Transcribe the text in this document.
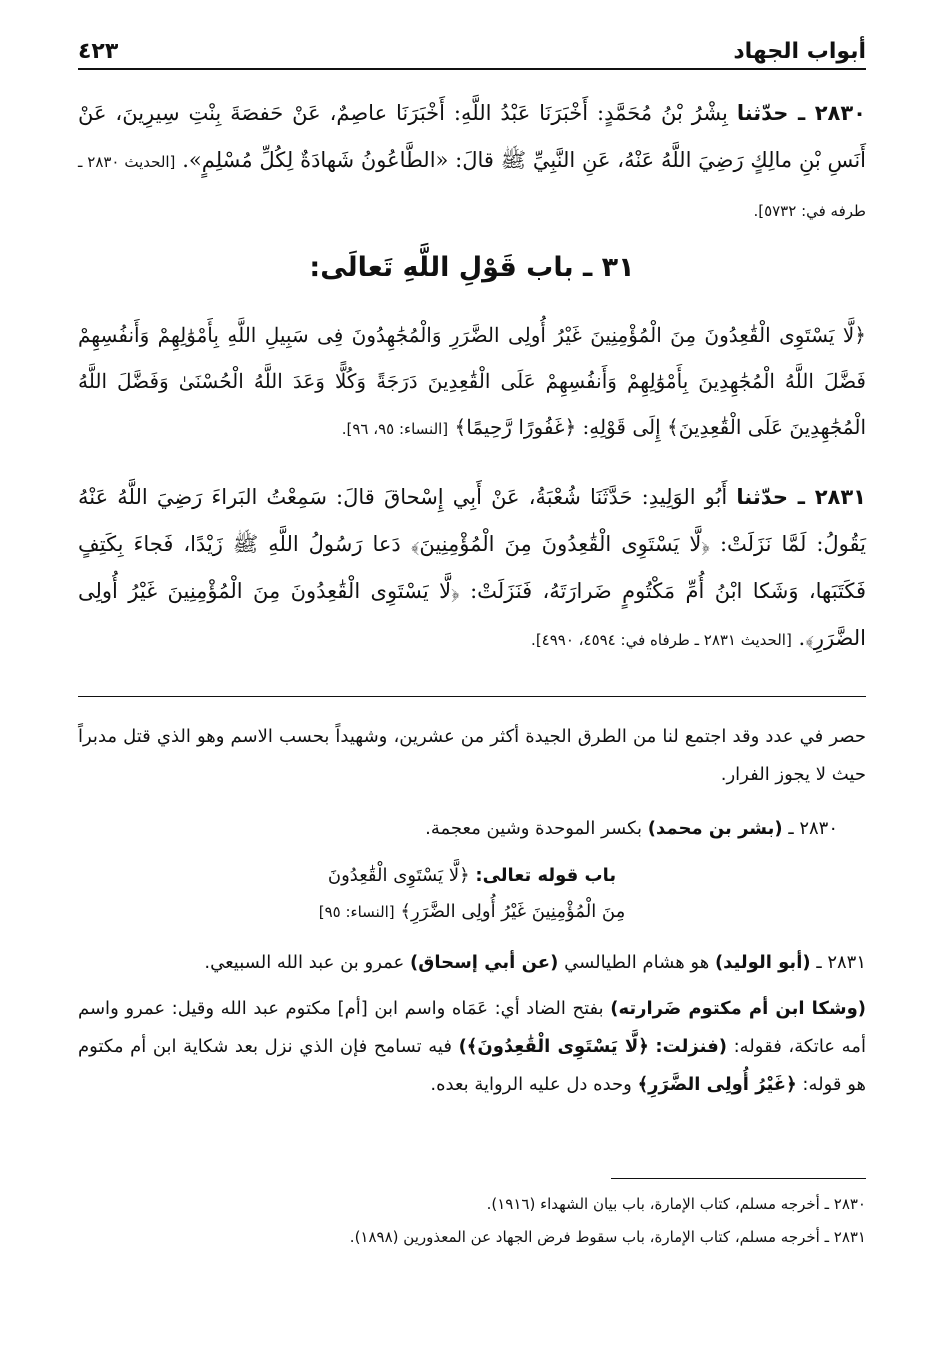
أبواب الجهاد
٤٢٣
٢٨٣٠ ـ حدّثنا بِشْرُ بْنُ مُحَمَّدٍ: أَخْبَرَنَا عَبْدُ اللَّهِ: أَخْبَرَنَا عاصِمٌ، عَنْ حَفصَةَ بِنْتِ سِيرِينَ، عَنْ أَنَسِ بْنِ مالِكٍ رَضِيَ اللَّهُ عَنْهُ، عَنِ النَّبِيِّ ﷺ قالَ: «الطَّاعُونُ شَهادَةٌ لِكُلِّ مُسْلِمٍ». [الحديث ٢٨٣٠ ـ طرفه في: ٥٧٣٢].
٣١ ـ باب قَوْلِ اللَّهِ تَعالَى:
﴿لَّا يَسْتَوِى الْقَٰعِدُونَ مِنَ الْمُؤْمِنِينَ غَيْرُ أُولِى الضَّرَرِ وَالْمُجَٰهِدُونَ فِى سَبِيلِ اللَّهِ بِأَمْوَٰلِهِمْ وَأَنفُسِهِمْ فَضَّلَ اللَّهُ الْمُجَٰهِدِينَ بِأَمْوَٰلِهِمْ وَأَنفُسِهِمْ عَلَى الْقَٰعِدِينَ دَرَجَةً وَكُلًّا وَعَدَ اللَّهُ الْحُسْنَىٰ وَفَضَّلَ اللَّهُ الْمُجَٰهِدِينَ عَلَى الْقَٰعِدِينَ﴾ إِلَى قَوْلِهِ: ﴿غَفُورًا رَّحِيمًا﴾ [النساء: ٩٥، ٩٦].
٢٨٣١ ـ حدّثنا أَبُو الوَلِيدِ: حَدَّثَنَا شُعْبَةُ، عَنْ أَبِي إِسْحاقَ قالَ: سَمِعْتُ البَراءَ رَضِيَ اللَّهُ عَنْهُ يَقُولُ: لَمَّا نَزَلَتْ: ﴿لَّا يَسْتَوِى الْقَٰعِدُونَ مِنَ الْمُؤْمِنِينَ﴾ دَعا رَسُولُ اللَّهِ ﷺ زَيْدًا، فَجاءَ بِكَتِفٍ فَكَتَبَها، وَشَكا ابْنُ أُمِّ مَكْتُومٍ ضَرارَتَهُ، فَنَزَلَتْ: ﴿لَّا يَسْتَوِى الْقَٰعِدُونَ مِنَ الْمُؤْمِنِينَ غَيْرُ أُولِى الضَّرَرِ﴾. [الحديث ٢٨٣١ ـ طرفاه في: ٤٥٩٤، ٤٩٩٠].
حصر في عدد وقد اجتمع لنا من الطرق الجيدة أكثر من عشرين، وشهيداً بحسب الاسم وهو الذي قتل مدبراً حيث لا يجوز الفرار.
٢٨٣٠ ـ (بشر بن محمد) بكسر الموحدة وشين معجمة.
باب قوله تعالى: ﴿لَّا يَسْتَوِى الْقَٰعِدُونَ
مِنَ الْمُؤْمِنِينَ غَيْرُ أُولِى الضَّرَرِ﴾ [النساء: ٩٥]
٢٨٣١ ـ (أبو الوليد) هو هشام الطيالسي (عن أبي إسحاق) عمرو بن عبد الله السبيعي.
(وشكا ابن أم مكتوم ضَرارته) بفتح الضاد أي: عَمَاه واسم ابن [أم] مكتوم عبد الله وقيل: عمرو واسم أمه عاتكة، فقوله: (فنزلت: ﴿لَّا يَسْتَوِى الْقَٰعِدُونَ﴾) فيه تسامح فإن الذي نزل بعد شكاية ابن أم مكتوم هو قوله: ﴿غَيْرُ أُولِى الضَّرَرِ﴾ وحده دل عليه الرواية بعده.
٢٨٣٠ ـ أخرجه مسلم، كتاب الإمارة، باب بيان الشهداء (١٩١٦).
٢٨٣١ ـ أخرجه مسلم، كتاب الإمارة، باب سقوط فرض الجهاد عن المعذورين (١٨٩٨).
